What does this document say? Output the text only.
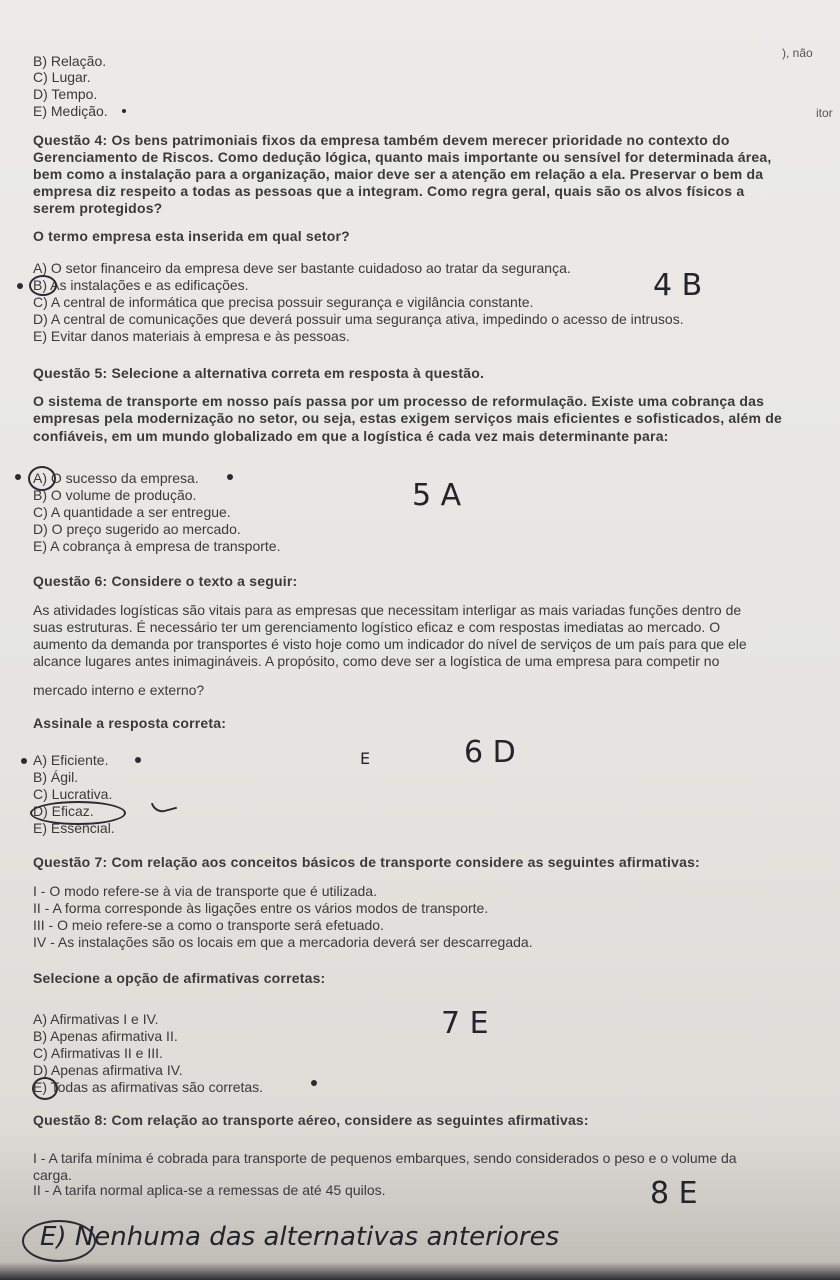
B) Relação.
C) Lugar.
D) Tempo.
E) Medição.
), não
itor
Questão 4: Os bens patrimoniais fixos da empresa também devem merecer prioridade no contexto do
Gerenciamento de Riscos. Como dedução lógica, quanto mais importante ou sensível for determinada área,
bem como a instalação para a organização, maior deve ser a atenção em relação a ela. Preservar o bem da
empresa diz respeito a todas as pessoas que a integram. Como regra geral, quais são os alvos físicos a
serem protegidos?
O termo empresa esta inserida em qual setor?
A) O setor financeiro da empresa deve ser bastante cuidadoso ao tratar da segurança.
B) As instalações e as edificações.
C) A central de informática que precisa possuir segurança e vigilância constante.
D) A central de comunicações que deverá possuir uma segurança ativa, impedindo o acesso de intrusos.
E) Evitar danos materiais à empresa e às pessoas.
4 B
Questão 5: Selecione a alternativa correta em resposta à questão.
O sistema de transporte em nosso país passa por um processo de reformulação. Existe uma cobrança das
empresas pela modernização no setor, ou seja, estas exigem serviços mais eficientes e sofisticados, além de
confiáveis, em um mundo globalizado em que a logística é cada vez mais determinante para:
A) O sucesso da empresa.
B) O volume de produção.
C) A quantidade a ser entregue.
D) O preço sugerido ao mercado.
E) A cobrança à empresa de transporte.
5 A
Questão 6: Considere o texto a seguir:
As atividades logísticas são vitais para as empresas que necessitam interligar as mais variadas funções dentro de
suas estruturas. É necessário ter um gerenciamento logístico eficaz e com respostas imediatas ao mercado. O
aumento da demanda por transportes é visto hoje como um indicador do nível de serviços de um país para que ele
alcance lugares antes inimagináveis. A propósito, como deve ser a logística de uma empresa para competir no
mercado interno e externo?
Assinale a resposta correta:
A) Eficiente.
B) Ágil.
C) Lucrativa.
D) Eficaz.
E) Essencial.
6 D
E
Questão 7: Com relação aos conceitos básicos de transporte considere as seguintes afirmativas:
I - O modo refere-se à via de transporte que é utilizada.
II - A forma corresponde às ligações entre os vários modos de transporte.
III - O meio refere-se a como o transporte será efetuado.
IV - As instalações são os locais em que a mercadoria deverá ser descarregada.
Selecione a opção de afirmativas corretas:
A) Afirmativas I e IV.
B) Apenas afirmativa II.
C) Afirmativas II e III.
D) Apenas afirmativa IV.
E) Todas as afirmativas são corretas.
7 E
Questão 8: Com relação ao transporte aéreo, considere as seguintes afirmativas:
I - A tarifa mínima é cobrada para transporte de pequenos embarques, sendo considerados o peso e o volume da
carga.
II - A tarifa normal aplica-se a remessas de até 45 quilos.	8 E
E) Nenhuma das alternativas anteriores
